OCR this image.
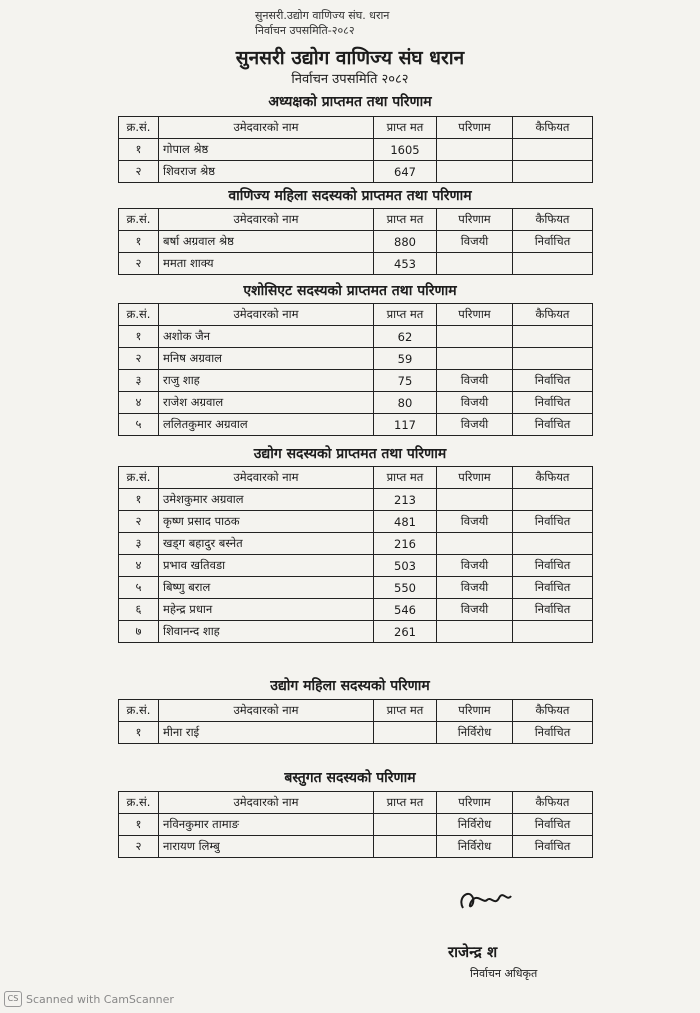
सुनसरी.उद्योग वाणिज्य संघ. धरान
निर्वाचन उपसमिति-२०८२
सुनसरी उद्योग वाणिज्य संघ धरान
निर्वाचन उपसमिति २०८२
अध्यक्षको प्राप्तमत तथा परिणाम
क्र.सं.	उमेदवारको नाम	प्राप्त मत	परिणाम	कैफियत
१	गोपाल श्रेष्ठ	1605		
२	शिवराज श्रेष्ठ	647		
वाणिज्य महिला सदस्यको प्राप्तमत तथा परिणाम
क्र.सं.	उमेदवारको नाम	प्राप्त मत	परिणाम	कैफियत
१	बर्षा अग्रवाल श्रेष्ठ	880	विजयी	निर्वाचित
२	ममता शाक्य	453		
एशोसिएट सदस्यको प्राप्तमत तथा परिणाम
क्र.सं.	उमेदवारको नाम	प्राप्त मत	परिणाम	कैफियत
१	अशोक जैन	62		
२	मनिष अग्रवाल	59		
३	राजु शाह	75	विजयी	निर्वाचित
४	राजेश अग्रवाल	80	विजयी	निर्वाचित
५	ललितकुमार अग्रवाल	117	विजयी	निर्वाचित
उद्योग सदस्यको प्राप्तमत तथा परिणाम
क्र.सं.	उमेदवारको नाम	प्राप्त मत	परिणाम	कैफियत
१	उमेशकुमार अग्रवाल	213		
२	कृष्ण प्रसाद पाठक	481	विजयी	निर्वाचित
३	खड्ग बहादुर बस्नेत	216		
४	प्रभाव खतिवडा	503	विजयी	निर्वाचित
५	बिष्णु बराल	550	विजयी	निर्वाचित
६	महेन्द्र प्रधान	546	विजयी	निर्वाचित
७	शिवानन्द शाह	261		
उद्योग महिला सदस्यको परिणाम
क्र.सं.	उमेदवारको नाम	प्राप्त मत	परिणाम	कैफियत
१	मीना राई		निर्विरोध	निर्वाचित
बस्तुगत सदस्यको परिणाम
क्र.सं.	उमेदवारको नाम	प्राप्त मत	परिणाम	कैफियत
१	नविनकुमार तामाङ		निर्विरोध	निर्वाचित
२	नारायण लिम्बु		निर्विरोध	निर्वाचित
राजेन्द्र श
निर्वाचन अधिकृत
CS Scanned with CamScanner
